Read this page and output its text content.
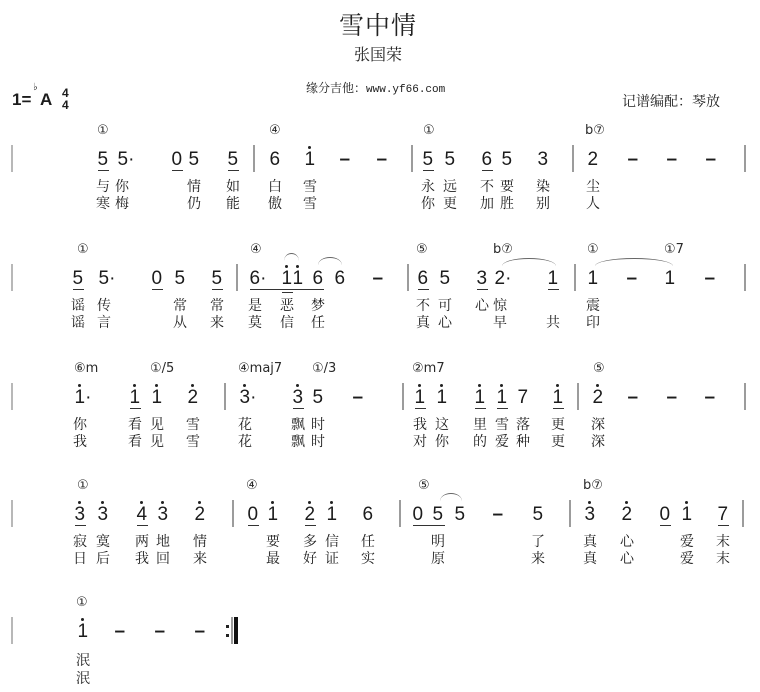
雪中情
张国荣
缘分吉他：www.yf66.com
记谱编配：琴放
1=
♭
A 4
4
①	④	①	b⑦
5 5· 0 5 5 6 1 – – 5 5 6 5 3 2 – – –
与 你	情 如 白 雪	永 远 不 要 染	尘
寒 梅	仍 能 傲 雪	你 更 加 胜 别	人
①	④	⑤	b⑦	①	①7
5 5· 0 5 5 6· 1 1 6 6 – 6 5 3 2· 1 1 – 1 –
谣 传	常 常 是 恶 梦	不 可 心 惊	震
谣 言	从 来 莫 信 任	真 心	早	共 印
⑥m	①/5	④maj7 ①/3	②m7	⑤
1· 1 1 2 3· 3 5 –	1 1 1 1 7 1 2 – – –
你	看 见 雪	花	飘 时	我 这 里 雪 落 更 深
我	看 见 雪	花	飘 时	对 你 的 爱 种 更 深
①	④	⑤	b⑦
3 3 4 3 2 0 1 2 1 6 0 5 5 – 5 3 2 0 1 7
寂 寞 两 地 情	要 多 信 任	明	了	真 心	爱 末
日 后 我 回 来	最 好 证 实	原	来	真 心	爱 末
①
1 – – –
泯
泯
